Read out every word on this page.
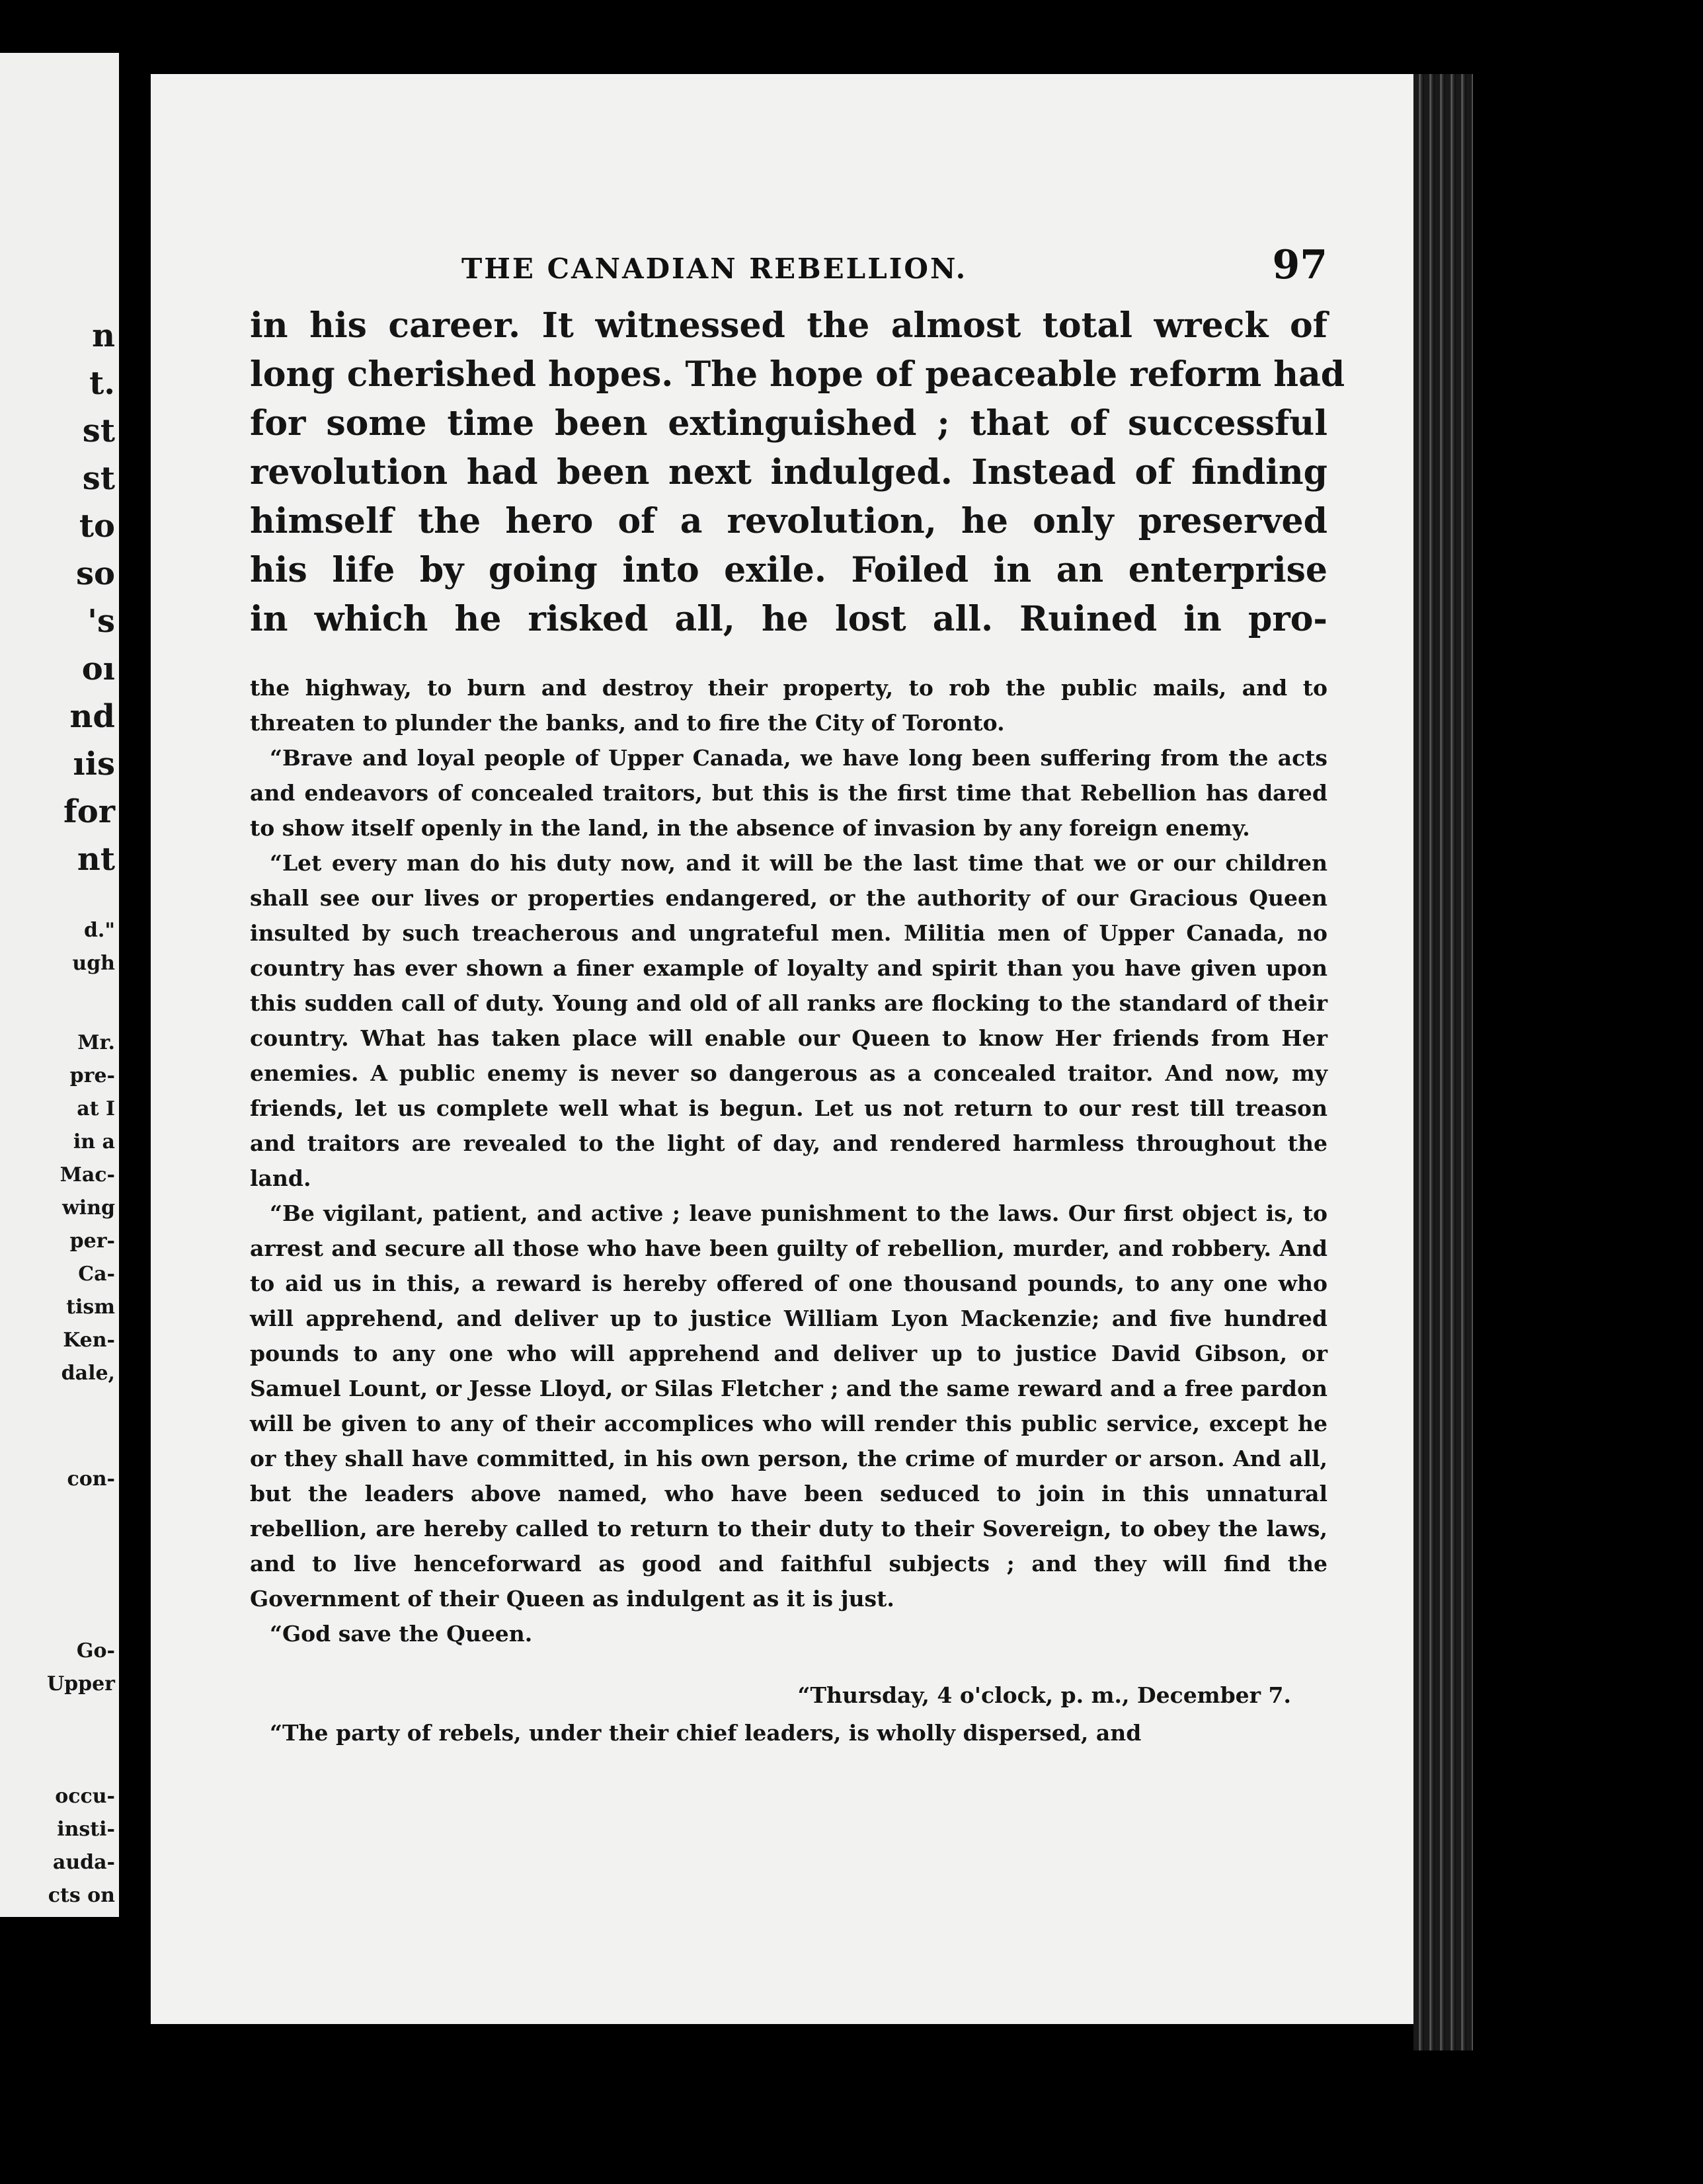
n
t.
st
st
to
so
's
oı
nd
ıis
for
nt
d."
ugh
Mr.
pre-
at I
in a
Mac-
wing
per-
Ca-
tism
Ken-
dale,
con-
Go-
Upper
occu-
insti-
auda-
cts on
THE CANADIAN REBELLION.	97
in his career. It witnessed the almost total wreck of
long cherished hopes. The hope of peaceable reform had
for some time been extinguished ; that of successful
revolution had been next indulged. Instead of finding
himself the hero of a revolution, he only preserved
his life by going into exile. Foiled in an enterprise
in which he risked all, he lost all. Ruined in pro-

the highway, to burn and destroy their property, to rob the public mails, and to threaten to plunder the banks, and to fire the City of Toronto.

“Brave and loyal people of Upper Canada, we have long been suffering from the acts and endeavors of concealed traitors, but this is the first time that Rebellion has dared to show itself openly in the land, in the absence of invasion by any foreign enemy.

“Let every man do his duty now, and it will be the last time that we or our children shall see our lives or properties endangered, or the authority of our Gracious Queen insulted by such treacherous and ungrateful men. Militia men of Upper Canada, no country has ever shown a finer example of loyalty and spirit than you have given upon this sudden call of duty. Young and old of all ranks are flocking to the standard of their country. What has taken place will enable our Queen to know Her friends from Her enemies. A public enemy is never so dangerous as a concealed traitor. And now, my friends, let us complete well what is begun. Let us not return to our rest till treason and traitors are revealed to the light of day, and rendered harmless throughout the land.

“Be vigilant, patient, and active ; leave punishment to the laws. Our first object is, to arrest and secure all those who have been guilty of rebellion, murder, and robbery. And to aid us in this, a reward is hereby offered of one thousand pounds, to any one who will apprehend, and deliver up to justice William Lyon Mackenzie; and five hundred pounds to any one who will apprehend and deliver up to justice David Gibson, or Samuel Lount, or Jesse Lloyd, or Silas Fletcher ; and the same reward and a free pardon will be given to any of their accomplices who will render this public service, except he or they shall have committed, in his own person, the crime of murder or arson. And all, but the leaders above named, who have been seduced to join in this unnatural rebellion, are hereby called to return to their duty to their Sovereign, to obey the laws, and to live henceforward as good and faithful subjects ; and they will find the Government of their Queen as indulgent as it is just.

“God save the Queen.

“Thursday, 4 o'clock, p. m., December 7.

“The party of rebels, under their chief leaders, is wholly dispersed, and
